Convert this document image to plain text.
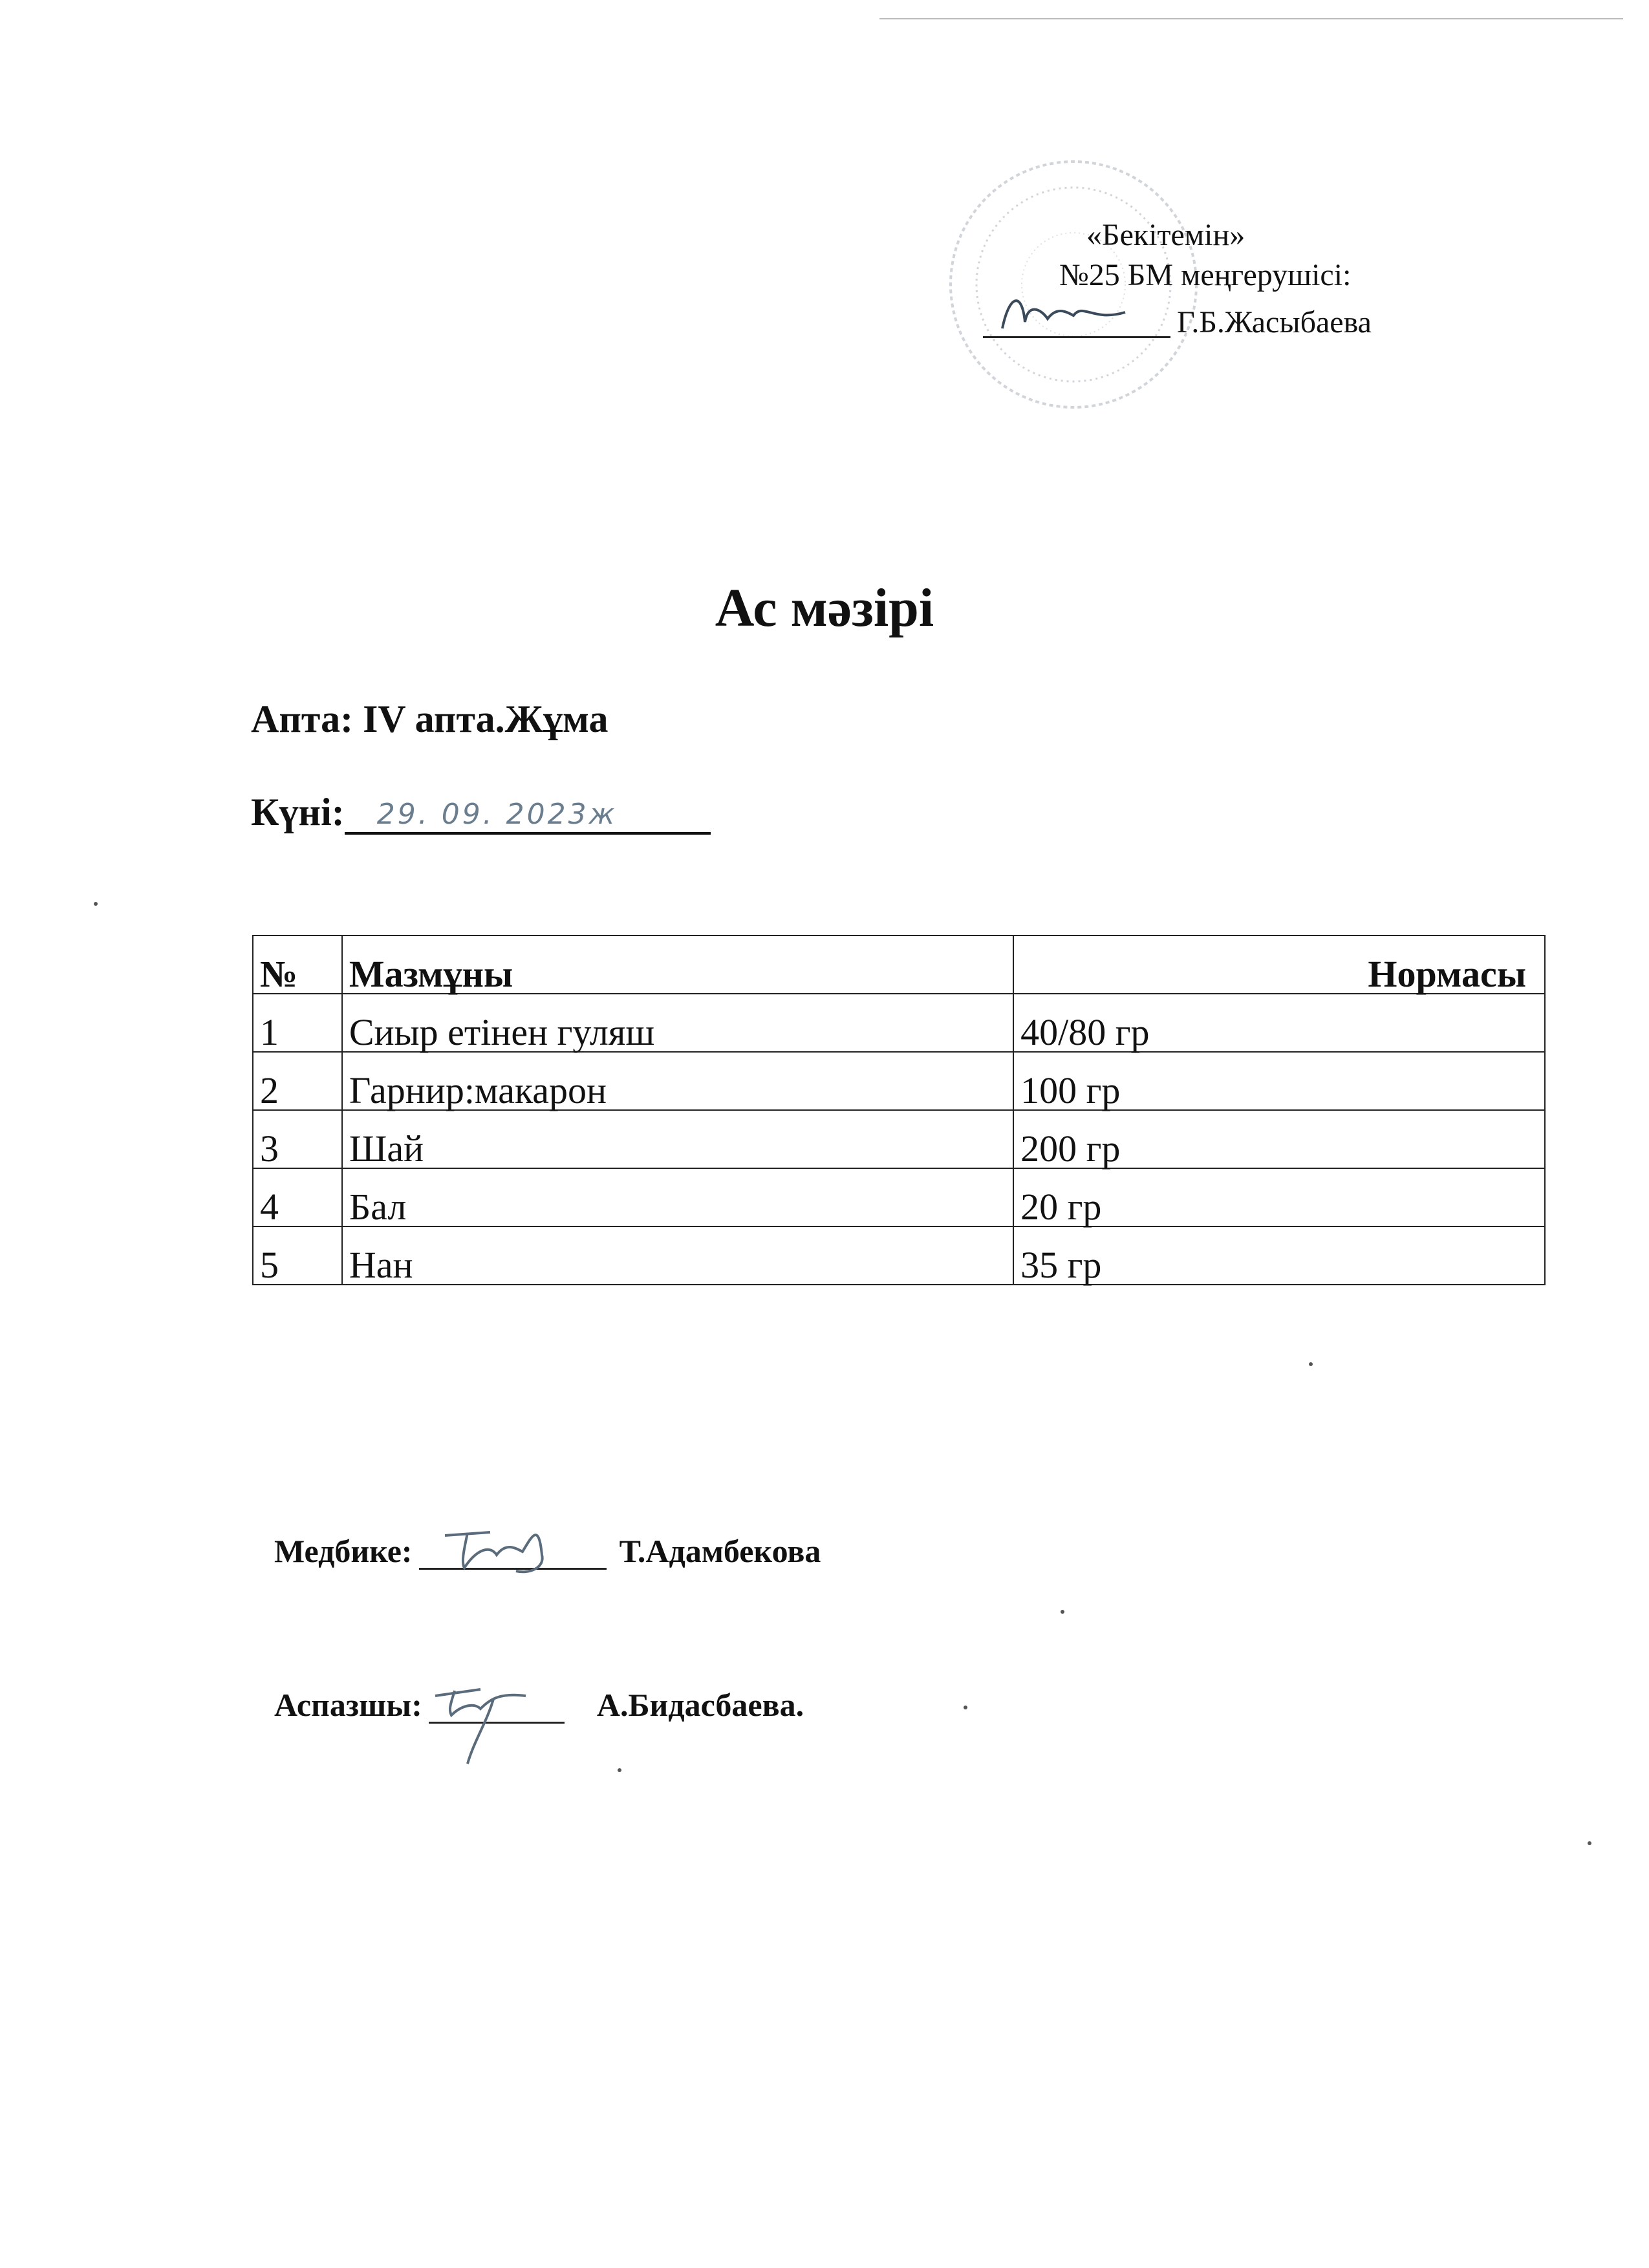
«Бекітемін»
№25 БМ меңгерушісі:
Г.Б.Жасыбаева
Ас мәзірі
Апта: IV апта.Жұма
Күні: 29. 09. 2023ж
№	Мазмұны	Нормасы
1	Сиыр етінен гуляш	40/80 гр
2	Гарнир:макарон	100 гр
3	Шай	200 гр
4	Бал	20 гр
5	Нан	35 гр
Медбике:	Т.Адамбекова
Аспазшы:	А.Бидасбаева.
